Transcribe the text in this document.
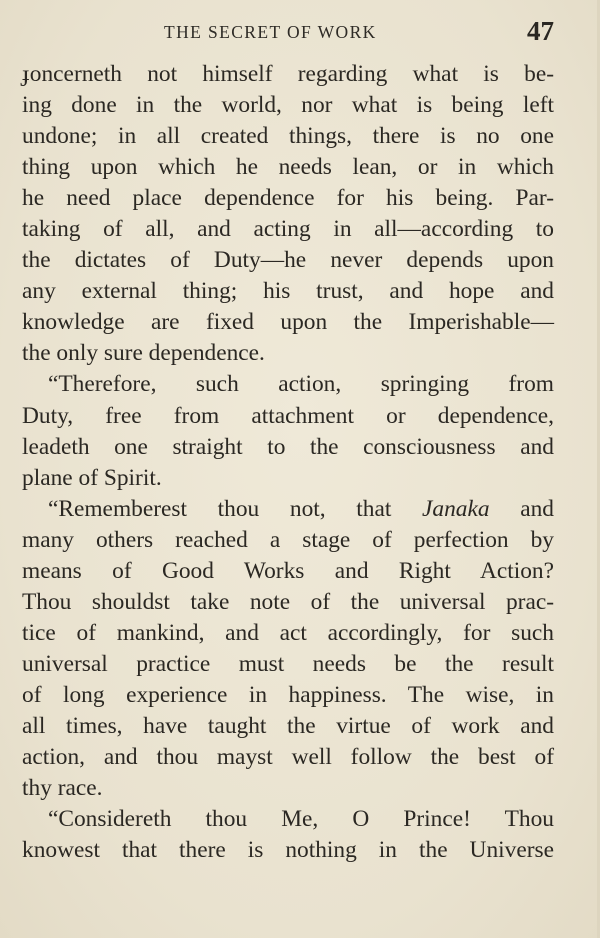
THE SECRET OF WORK	47
ɟoncerneth not himself regarding what is be-
ing done in the world, nor what is being left
undone; in all created things, there is no one
thing upon which he needs lean, or in which
he need place dependence for his being. Par-
taking of all, and acting in all—according to
the dictates of Duty—he never depends upon
any external thing; his trust, and hope and
knowledge are fixed upon the Imperishable—
the only sure dependence.
“Therefore, such action, springing from
Duty, free from attachment or dependence,
leadeth one straight to the consciousness and
plane of Spirit.
“Rememberest thou not, that Janaka and
many others reached a stage of perfection by
means of Good Works and Right Action?
Thou shouldst take note of the universal prac-
tice of mankind, and act accordingly, for such
universal practice must needs be the result
of long experience in happiness. The wise, in
all times, have taught the virtue of work and
action, and thou mayst well follow the best of
thy race.
“Considereth thou Me, O Prince! Thou
knowest that there is nothing in the Universe
